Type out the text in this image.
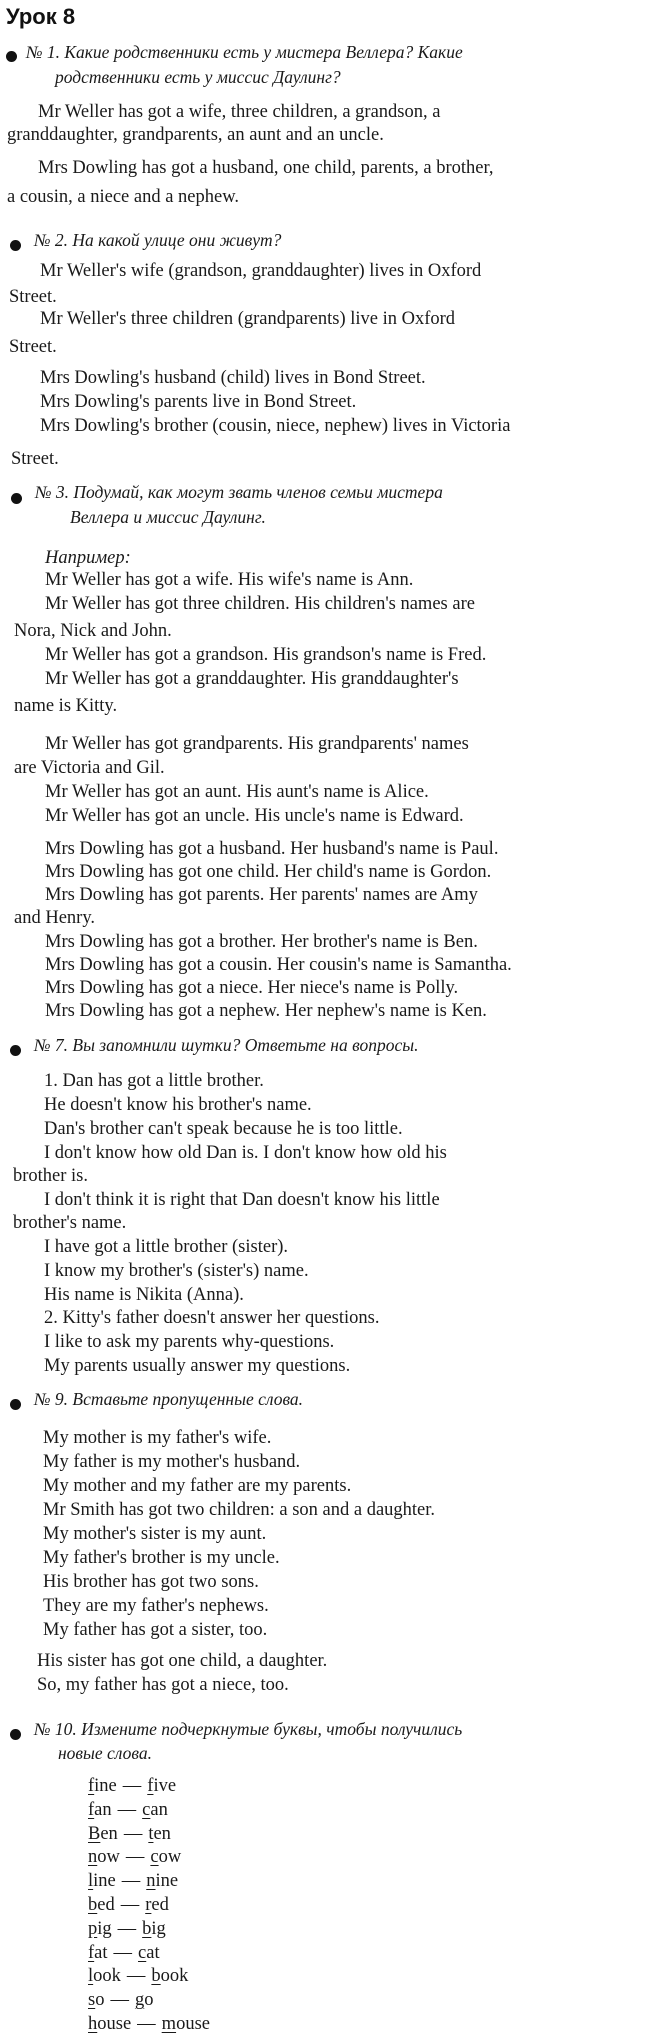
Урок 8
№ 1. Какие родственники есть у мистера Веллера? Какие
родственники есть у миссис Даулинг?
Mr Weller has got a wife, three children, a grandson, a
granddaughter, grandparents, an aunt and an uncle.
Mrs Dowling has got a husband, one child, parents, a brother,
a cousin, a niece and a nephew.
№ 2. На какой улице они живут?
Mr Weller's wife (grandson, granddaughter) lives in Oxford
Street.
Mr Weller's three children (grandparents) live in Oxford
Street.
Mrs Dowling's husband (child) lives in Bond Street.
Mrs Dowling's parents live in Bond Street.
Mrs Dowling's brother (cousin, niece, nephew) lives in Victoria
Street.
№ 3. Подумай, как могут звать членов семьи мистера
Веллера и миссис Даулинг.
Например:
Mr Weller has got a wife. His wife's name is Ann.
Mr Weller has got three children. His children's names are
Nora, Nick and John.
Mr Weller has got a grandson. His grandson's name is Fred.
Mr Weller has got a granddaughter. His granddaughter's
name is Kitty.
Mr Weller has got grandparents. His grandparents' names
are Victoria and Gil.
Mr Weller has got an aunt. His aunt's name is Alice.
Mr Weller has got an uncle. His uncle's name is Edward.
Mrs Dowling has got a husband. Her husband's name is Paul.
Mrs Dowling has got one child. Her child's name is Gordon.
Mrs Dowling has got parents. Her parents' names are Amy
and Henry.
Mrs Dowling has got a brother. Her brother's name is Ben.
Mrs Dowling has got a cousin. Her cousin's name is Samantha.
Mrs Dowling has got a niece. Her niece's name is Polly.
Mrs Dowling has got a nephew. Her nephew's name is Ken.
№ 7. Вы запомнили шутки? Ответьте на вопросы.
1. Dan has got a little brother.
He doesn't know his brother's name.
Dan's brother can't speak because he is too little.
I don't know how old Dan is. I don't know how old his
brother is.
I don't think it is right that Dan doesn't know his little
brother's name.
I have got a little brother (sister).
I know my brother's (sister's) name.
His name is Nikita (Anna).
2. Kitty's father doesn't answer her questions.
I like to ask my parents why-questions.
My parents usually answer my questions.
№ 9. Вставьте пропущенные слова.
My mother is my father's wife.
My father is my mother's husband.
My mother and my father are my parents.
Mr Smith has got two children: a son and a daughter.
My mother's sister is my aunt.
My father's brother is my uncle.
His brother has got two sons.
They are my father's nephews.
My father has got a sister, too.
His sister has got one child, a daughter.
So, my father has got a niece, too.
№ 10. Измените подчеркнутые буквы, чтобы получились
новые слова.
fine — five
fan — can
Ben — ten
now — cow
line — nine
bed — red
pig — big
fat — cat
look — book
so — go
house — mouse
